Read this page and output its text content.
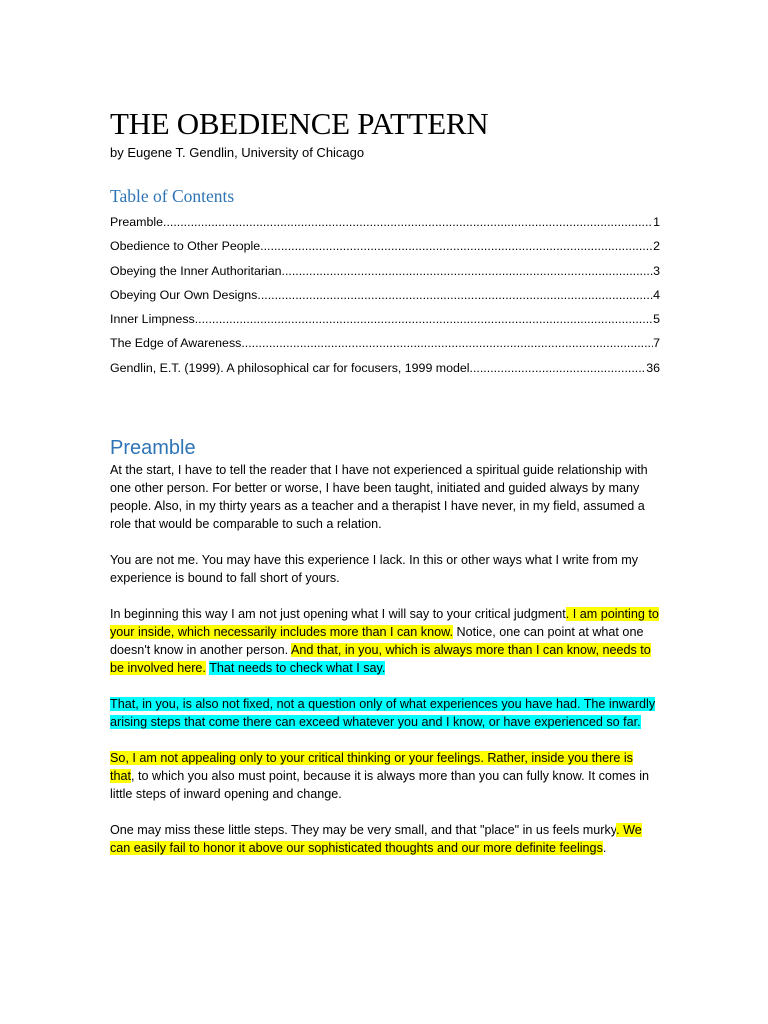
THE OBEDIENCE PATTERN

by Eugene T. Gendlin, University of Chicago

Table of Contents
Preamble .....	1
Obedience to Other People .....	2
Obeying the Inner Authoritarian .....	3
Obeying Our Own Designs .....	4
Inner Limpness .....	5
The Edge of Awareness .....	7
Gendlin, E.T. (1999). A philosophical car for focusers, 1999 model .....	36
Preamble

At the start, I have to tell the reader that I have not experienced a spiritual guide relationship with one other person. For better or worse, I have been taught, initiated and guided always by many people. Also, in my thirty years as a teacher and a therapist I have never, in my field, assumed a role that would be comparable to such a relation.

You are not me. You may have this experience I lack. In this or other ways what I write from my experience is bound to fall short of yours.

In beginning this way I am not just opening what I will say to your critical judgment. I am pointing to your inside, which necessarily includes more than I can know. Notice, one can point at what one doesn't know in another person. And that, in you, which is always more than I can know, needs to be involved here. That needs to check what I say.

That, in you, is also not fixed, not a question only of what experiences you have had. The inwardly arising steps that come there can exceed whatever you and I know, or have experienced so far.

So, I am not appealing only to your critical thinking or your feelings. Rather, inside you there is that, to which you also must point, because it is always more than you can fully know. It comes in little steps of inward opening and change.

One may miss these little steps. They may be very small, and that "place" in us feels murky. We can easily fail to honor it above our sophisticated thoughts and our more definite feelings.
